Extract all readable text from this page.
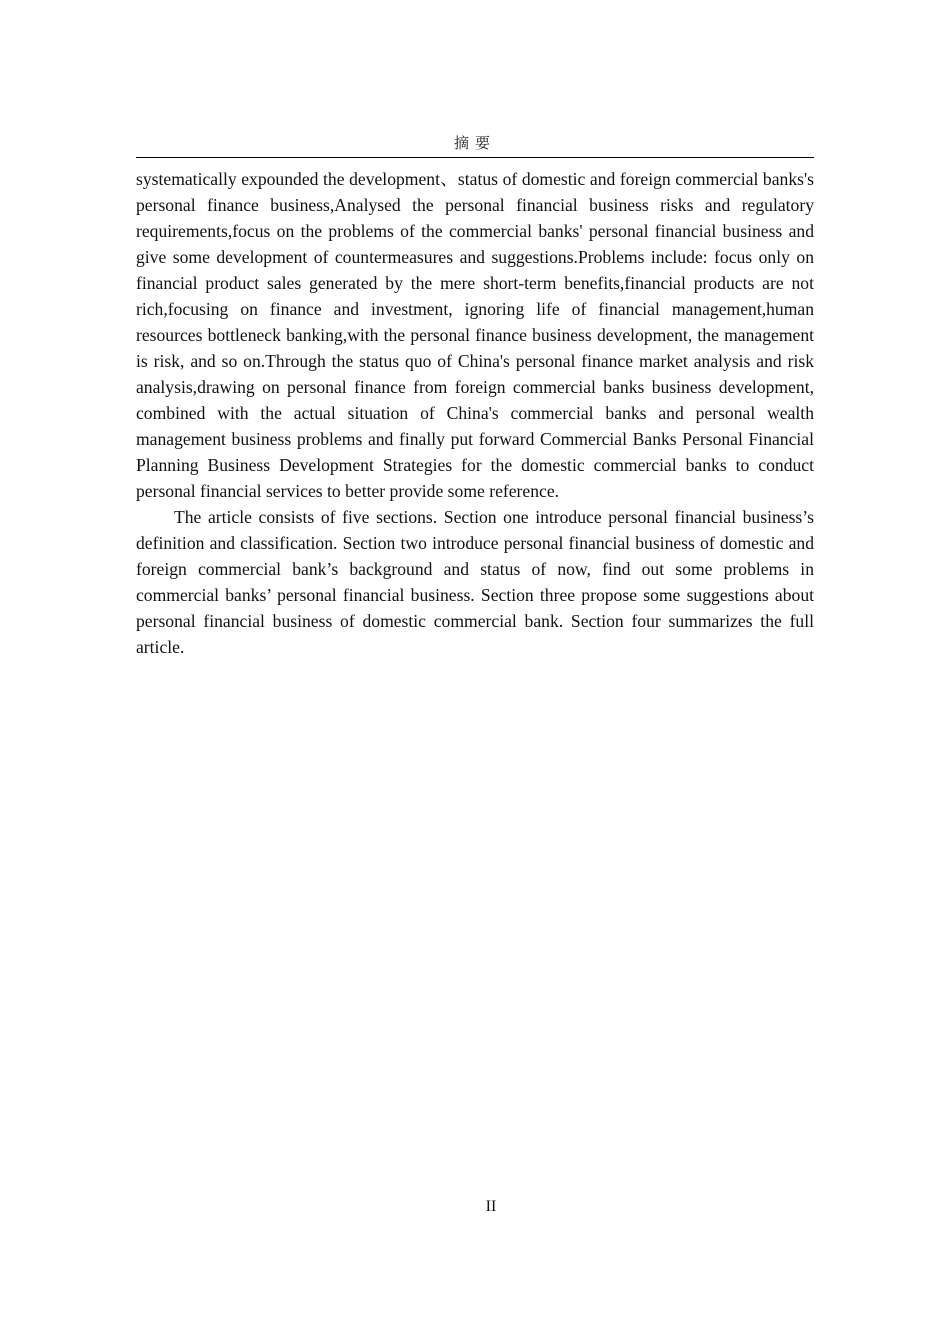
摘要

systematically expounded the development、status of domestic and foreign commercial banks's personal finance business,Analysed the personal financial business risks and regulatory requirements,focus on the problems of the commercial banks' personal financial business and give some development of countermeasures and suggestions.Problems include: focus only on financial product sales generated by the mere short-term benefits,financial products are not rich,focusing on finance and investment, ignoring life of financial management,human resources bottleneck banking,with the personal finance business development, the management is risk, and so on.Through the status quo of China's personal finance market analysis and risk analysis,drawing on personal finance from foreign commercial banks business development, combined with the actual situation of China's commercial banks and personal wealth management business problems and finally put forward Commercial Banks Personal Financial Planning Business Development Strategies for the domestic commercial banks to conduct personal financial services to better provide some reference.

The article consists of five sections. Section one introduce personal financial business’s definition and classification. Section two introduce personal financial business of domestic and foreign commercial bank’s background and status of now, find out some problems in commercial banks’ personal financial business. Section three propose some suggestions about personal financial business of domestic commercial bank. Section four summarizes the full article.

II
